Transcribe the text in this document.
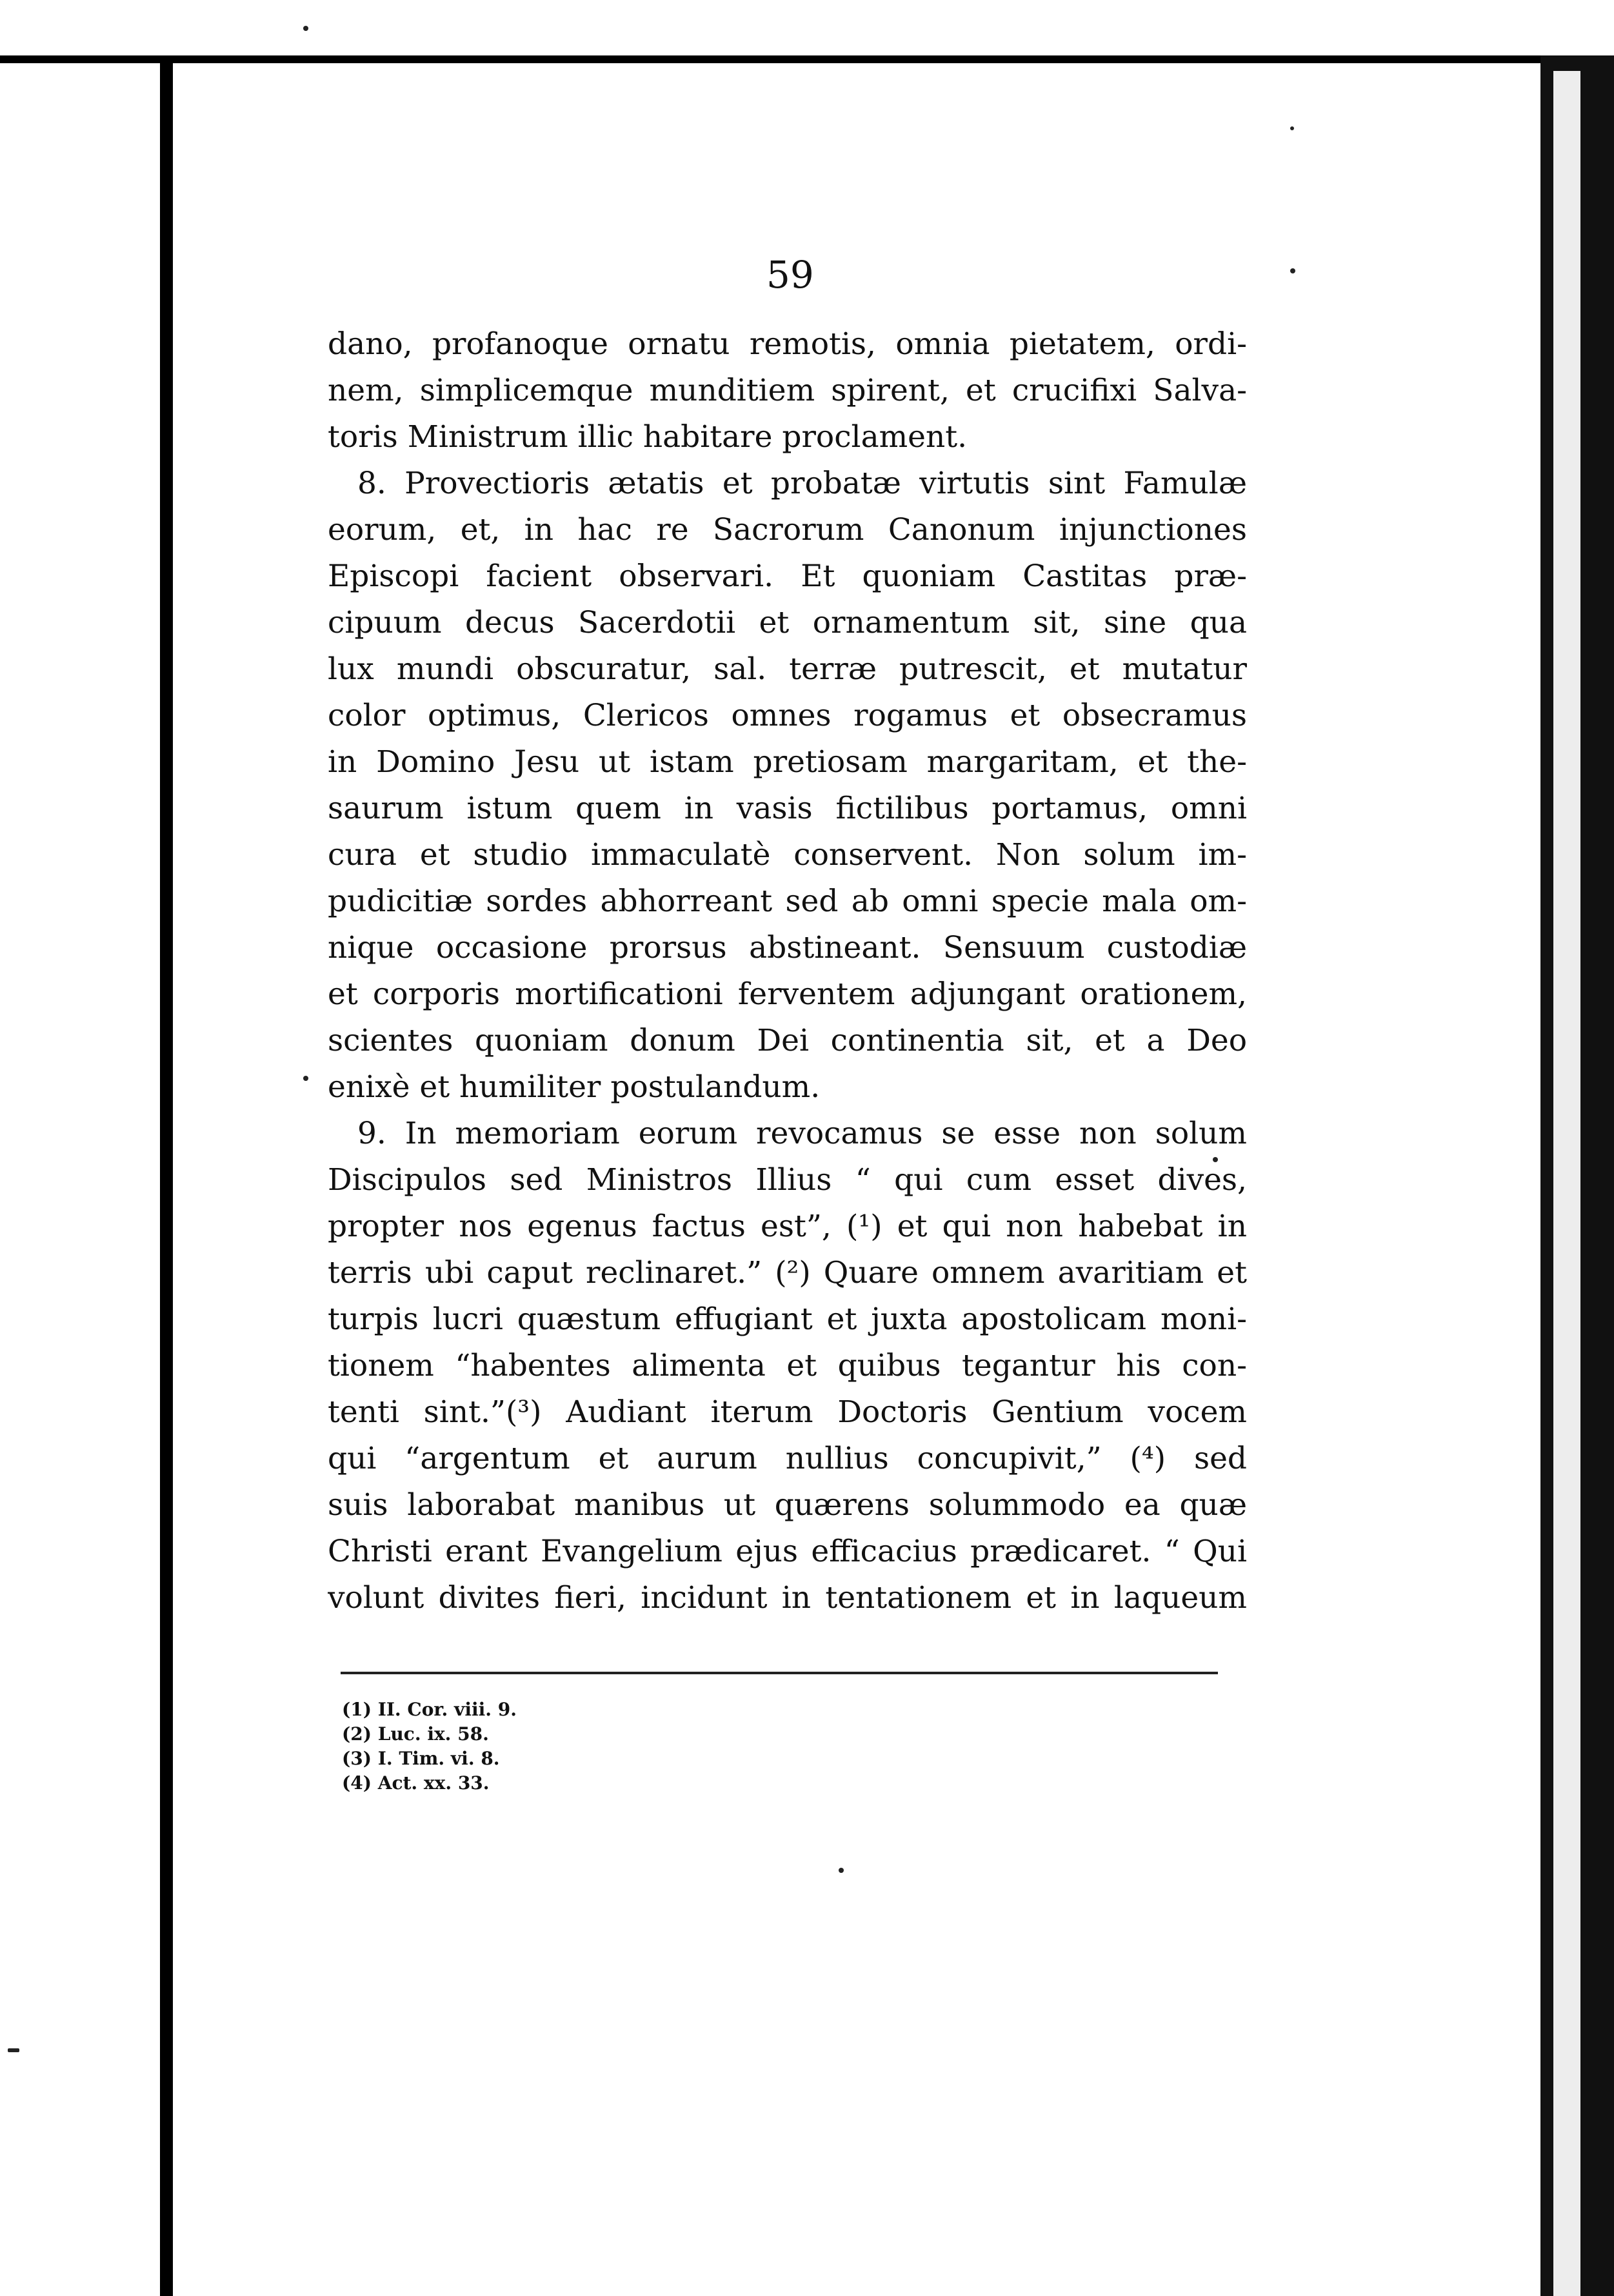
59
dano, profanoque ornatu remotis, omnia pietatem, ordi-
nem, simplicemque munditiem spirent, et crucifixi Salva-
toris Ministrum illic habitare proclament.
8. Provectioris ætatis et probatæ virtutis sint Famulæ
eorum, et, in hac re Sacrorum Canonum injunctiones
Episcopi facient observari. Et quoniam Castitas præ-
cipuum decus Sacerdotii et ornamentum sit, sine qua
lux mundi obscuratur, sal. terræ putrescit, et mutatur
color optimus, Clericos omnes rogamus et obsecramus
in Domino Jesu ut istam pretiosam margaritam, et the-
saurum istum quem in vasis fictilibus portamus, omni
cura et studio immaculatè conservent. Non solum im-
pudicitiæ sordes abhorreant sed ab omni specie mala om-
nique occasione prorsus abstineant. Sensuum custodiæ
et corporis mortificationi ferventem adjungant orationem,
scientes quoniam donum Dei continentia sit, et a Deo
enixè et humiliter postulandum.
9. In memoriam eorum revocamus se esse non solum
Discipulos sed Ministros Illius “ qui cum esset dives,
propter nos egenus factus est”, (¹) et qui non habebat in
terris ubi caput reclinaret.” (²) Quare omnem avaritiam et
turpis lucri quæstum effugiant et juxta apostolicam moni-
tionem “habentes alimenta et quibus tegantur his con-
tenti sint.”(³) Audiant iterum Doctoris Gentium vocem
qui “argentum et aurum nullius concupivit,” (⁴) sed
suis laborabat manibus ut quærens solummodo ea quæ
Christi erant Evangelium ejus efficacius prædicaret. “ Qui
volunt divites fieri, incidunt in tentationem et in laqueum
(1) II. Cor. viii. 9.
(2) Luc. ix. 58.
(3) I. Tim. vi. 8.
(4) Act. xx. 33.
